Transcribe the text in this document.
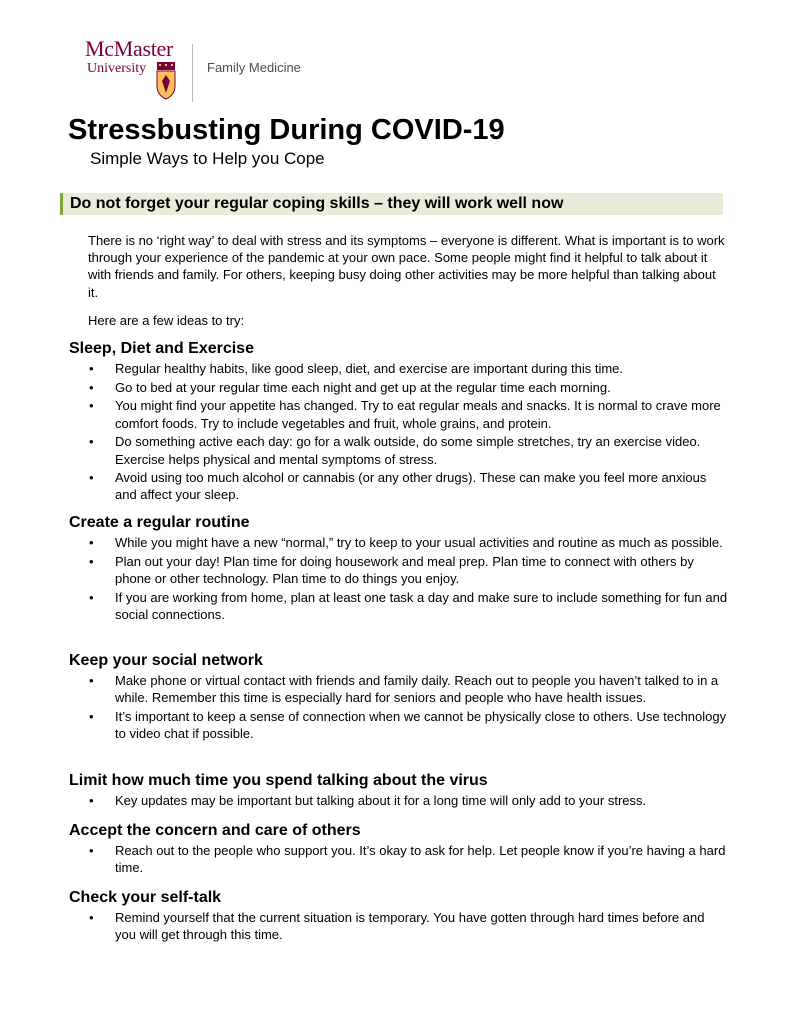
McMaster
University	Family Medicine
Stressbusting During COVID-19
Simple Ways to Help you Cope
Do not forget your regular coping skills – they will work well now

There is no ‘right way’ to deal with stress and its symptoms – everyone is different. What is important is to work through your experience of the pandemic at your own pace. Some people might find it helpful to talk about it with friends and family. For others, keeping busy doing other activities may be more helpful than talking about it.

Here are a few ideas to try:

Sleep, Diet and Exercise
• Regular healthy habits, like good sleep, diet, and exercise are important during this time.
• Go to bed at your regular time each night and get up at the regular time each morning.
• You might find your appetite has changed. Try to eat regular meals and snacks. It is normal to crave more comfort foods. Try to include vegetables and fruit, whole grains, and protein.
• Do something active each day: go for a walk outside, do some simple stretches, try an exercise video. Exercise helps physical and mental symptoms of stress.
• Avoid using too much alcohol or cannabis (or any other drugs). These can make you feel more anxious and affect your sleep.
Create a regular routine
• While you might have a new “normal,” try to keep to your usual activities and routine as much as possible.
• Plan out your day! Plan time for doing housework and meal prep. Plan time to connect with others by phone or other technology. Plan time to do things you enjoy.
• If you are working from home, plan at least one task a day and make sure to include something for fun and social connections.
Keep your social network
• Make phone or virtual contact with friends and family daily. Reach out to people you haven’t talked to in a while. Remember this time is especially hard for seniors and people who have health issues.
• It’s important to keep a sense of connection when we cannot be physically close to others. Use technology to video chat if possible.
Limit how much time you spend talking about the virus
• Key updates may be important but talking about it for a long time will only add to your stress.
Accept the concern and care of others
• Reach out to the people who support you. It’s okay to ask for help. Let people know if you’re having a hard time.
Check your self-talk
• Remind yourself that the current situation is temporary. You have gotten through hard times before and you will get through this time.
